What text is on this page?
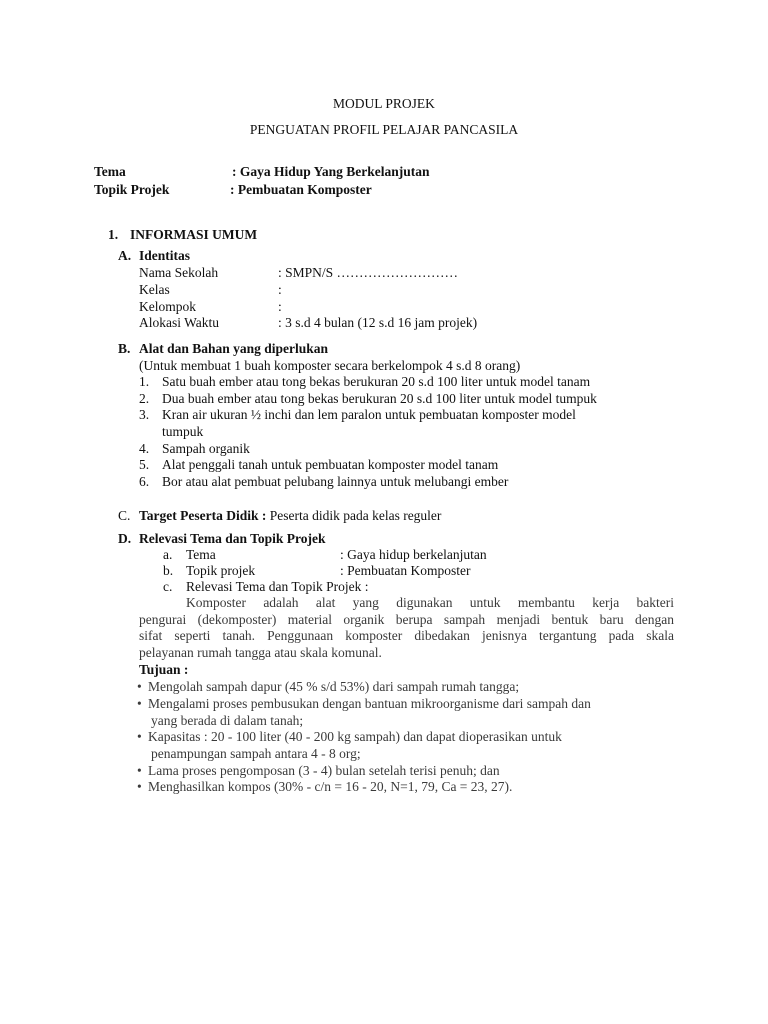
MODUL PROJEK
PENGUATAN PROFIL PELAJAR PANCASILA
Tema	: Gaya Hidup Yang Berkelanjutan
Topik Projek	: Pembuatan Komposter
1. INFORMASI UMUM
A. Identitas
Nama Sekolah	: SMPN/S ………………………
Kelas	:
Kelompok	:
Alokasi Waktu	: 3 s.d 4 bulan (12 s.d 16 jam projek)
B. Alat dan Bahan yang diperlukan
(Untuk membuat 1 buah komposter secara berkelompok 4 s.d 8 orang)
1. Satu buah ember atau tong bekas berukuran 20 s.d 100 liter untuk model tanam
2. Dua buah ember atau tong bekas berukuran 20 s.d 100 liter untuk model tumpuk
3. Kran air ukuran ½ inchi dan lem paralon untuk pembuatan komposter model
tumpuk
4. Sampah organik
5. Alat penggali tanah untuk pembuatan komposter model tanam
6. Bor atau alat pembuat pelubang lainnya untuk melubangi ember
C. Target Peserta Didik : Peserta didik pada kelas reguler
D. Relevasi Tema dan Topik Projek
a. Tema	: Gaya hidup berkelanjutan
b. Topik projek	: Pembuatan Komposter
c. Relevasi Tema dan Topik Projek :
Komposter adalah alat yang digunakan untuk membantu kerja bakteri
pengurai (dekomposter) material organik berupa sampah menjadi bentuk baru dengan
sifat seperti tanah. Penggunaan komposter dibedakan jenisnya tergantung pada skala
pelayanan rumah tangga atau skala komunal.
Tujuan :
• Mengolah sampah dapur (45 % s/d 53%) dari sampah rumah tangga;
• Mengalami proses pembusukan dengan bantuan mikroorganisme dari sampah dan
yang berada di dalam tanah;
• Kapasitas : 20 - 100 liter (40 - 200 kg sampah) dan dapat dioperasikan untuk
penampungan sampah antara 4 - 8 org;
• Lama proses pengomposan (3 - 4) bulan setelah terisi penuh; dan
• Menghasilkan kompos (30% - c/n = 16 - 20, N=1, 79, Ca = 23, 27).
